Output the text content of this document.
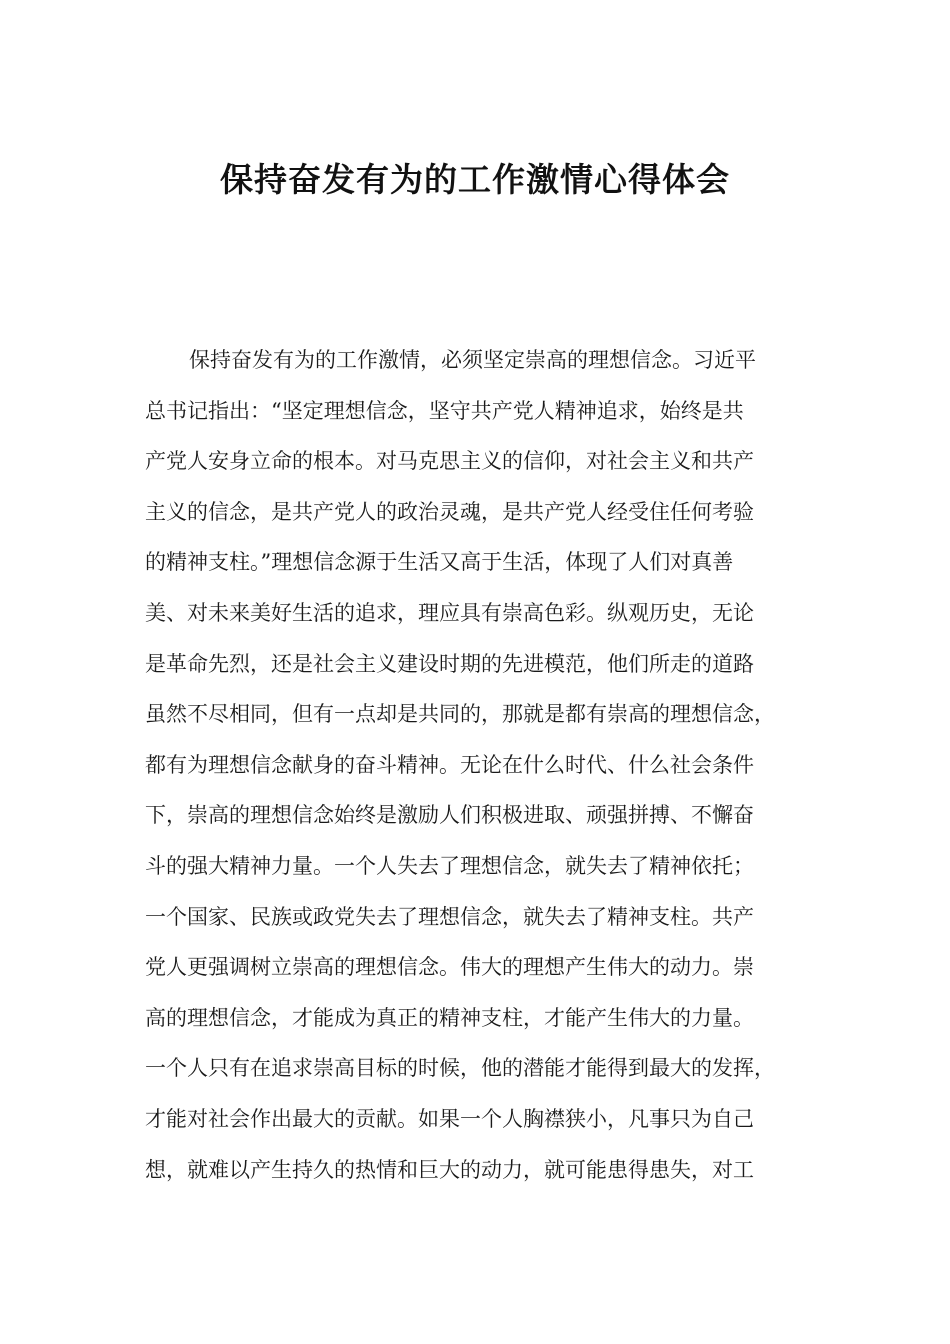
保持奋发有为的工作激情心得体会
保持奋发有为的工作激情，必须坚定崇高的理想信念。习近平
总书记指出：“坚定理想信念，坚守共产党人精神追求，始终是共
产党人安身立命的根本。对马克思主义的信仰，对社会主义和共产
主义的信念，是共产党人的政治灵魂，是共产党人经受住任何考验
的精神支柱。”理想信念源于生活又高于生活，体现了人们对真善
美、对未来美好生活的追求，理应具有崇高色彩。纵观历史，无论
是革命先烈，还是社会主义建设时期的先进模范，他们所走的道路
虽然不尽相同，但有一点却是共同的，那就是都有崇高的理想信念，
都有为理想信念献身的奋斗精神。无论在什么时代、什么社会条件
下，崇高的理想信念始终是激励人们积极进取、顽强拼搏、不懈奋
斗的强大精神力量。一个人失去了理想信念，就失去了精神依托；
一个国家、民族或政党失去了理想信念，就失去了精神支柱。共产
党人更强调树立崇高的理想信念。伟大的理想产生伟大的动力。崇
高的理想信念，才能成为真正的精神支柱，才能产生伟大的力量。
一个人只有在追求崇高目标的时候，他的潜能才能得到最大的发挥，
才能对社会作出最大的贡献。如果一个人胸襟狭小，凡事只为自己
想，就难以产生持久的热情和巨大的动力，就可能患得患失，对工
